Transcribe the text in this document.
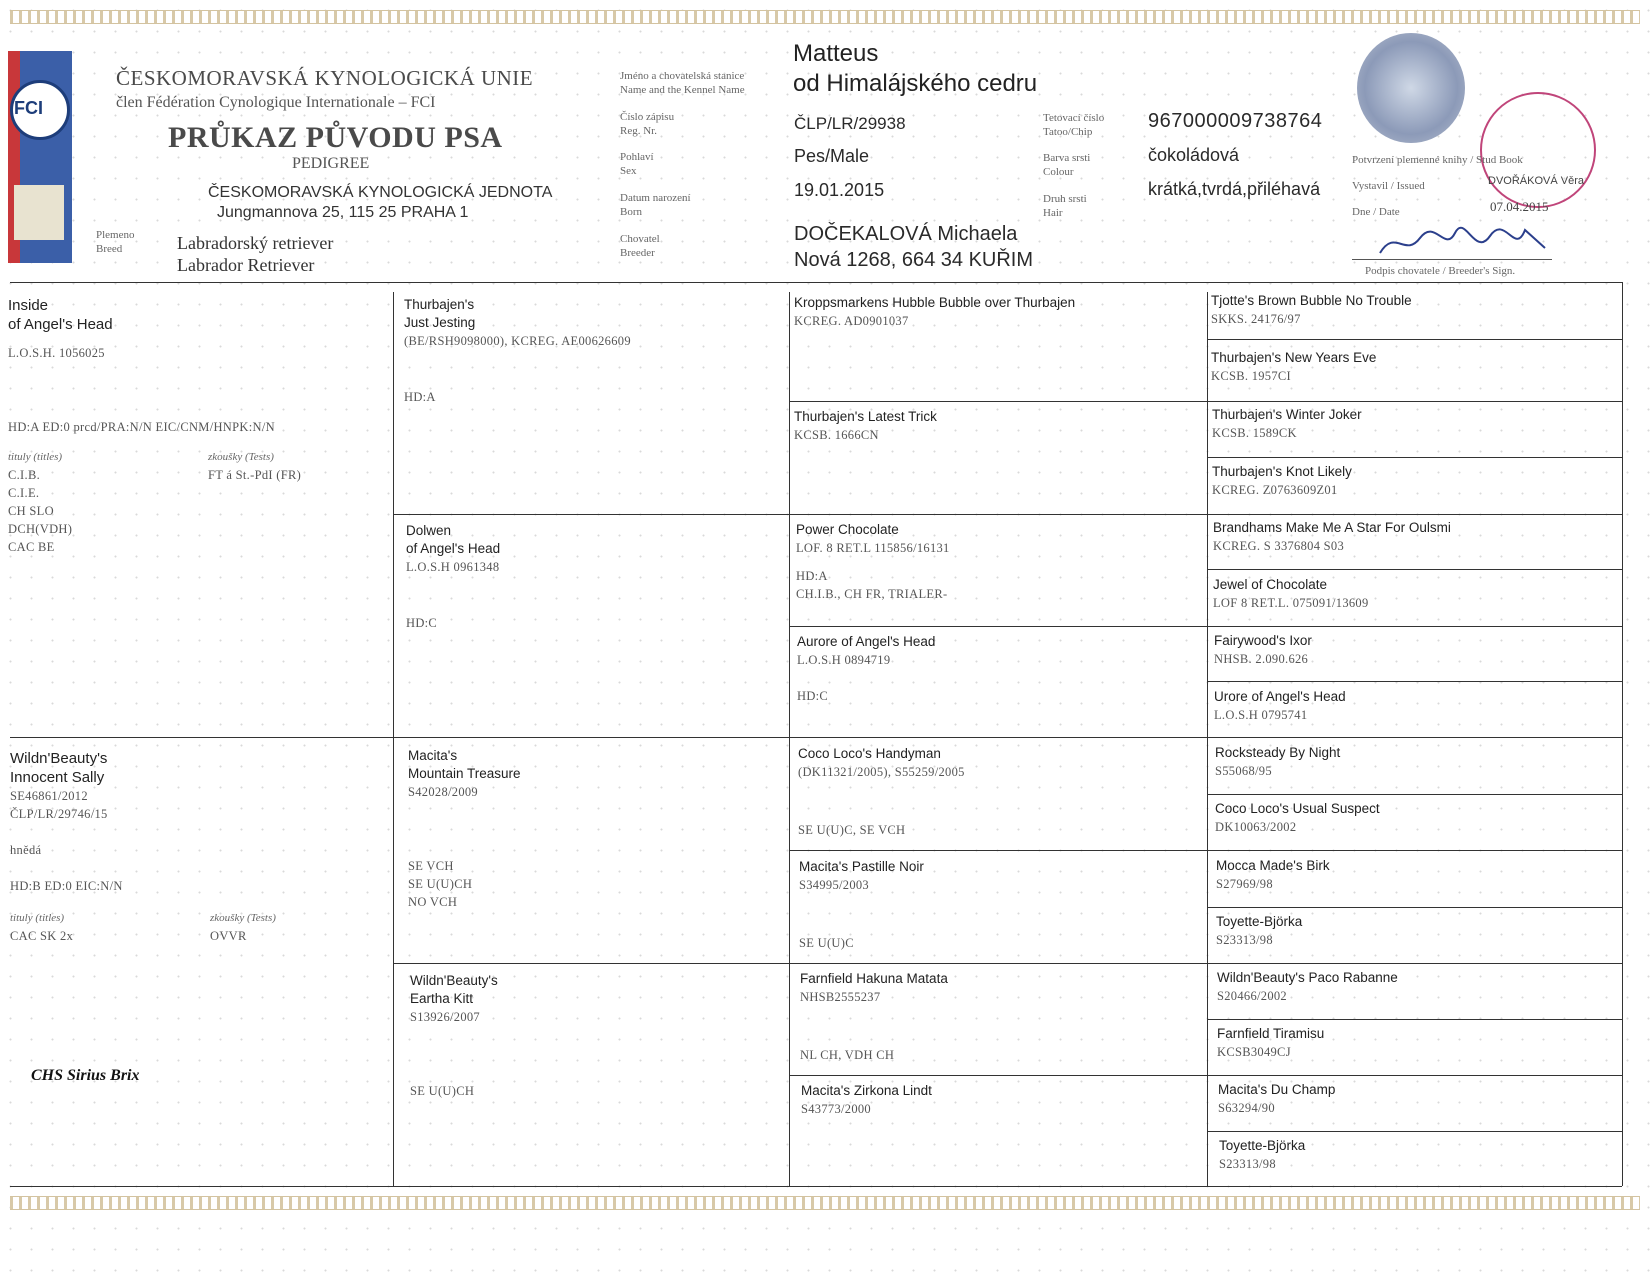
FCI
ČESKOMORAVSKÁ KYNOLOGICKÁ UNIE
člen Fédération Cynologique Internationale – FCI
PRŮKAZ PŮVODU PSA
PEDIGREE
ČESKOMORAVSKÁ KYNOLOGICKÁ JEDNOTA
Jungmannova 25, 115 25 PRAHA 1
Plemeno
Breed	Labradorský retriever
Labrador Retriever
Jméno a chovatelská stanice
Name and the Kennel Name
Číslo zápisu
Reg. Nr.
Pohlaví
Sex
Datum narození
Born
Chovatel
Breeder
Matteus
od Himalájského cedru
ČLP/LR/29938
Pes/Male
19.01.2015
DOČEKALOVÁ Michaela
Nová 1268, 664 34 KUŘIM
Tetovací číslo
Tatoo/Chip
Barva srsti
Colour
Druh srsti
Hair
967000009738764
čokoládová
krátká,tvrdá,přiléhavá
Potvrzení plemenné knihy / Stud Book
Vystavil / Issued	DVOŘÁKOVÁ Věra
Dne / Date	07.04.2015
Podpis chovatele / Breeder's Sign.
Inside
of Angel's Head
L.O.S.H. 1056025
HD:A ED:0 prcd/PRA:N/N EIC/CNM/HNPK:N/N
tituly (titles)	zkoušky (Tests)
C.I.B.
C.I.E.
CH SLO
DCH(VDH)
CAC BE
FT á St.-PdI (FR)
Wildn'Beauty's
Innocent Sally
SE46861/2012
ČLP/LR/29746/15
hnědá
HD:B ED:0 EIC:N/N
tituly (titles)	zkoušky (Tests)
CAC SK 2x	OVVR
CHS Sirius Brix
Thurbajen's
Just Jesting
(BE/RSH9098000), KCREG. AE00626609
HD:A
Dolwen
of Angel's Head
L.O.S.H 0961348
HD:C
Macita's
Mountain Treasure
S42028/2009
SE VCH
SE U(U)CH
NO VCH
Wildn'Beauty's
Eartha Kitt
S13926/2007
SE U(U)CH
Kroppsmarkens Hubble Bubble over Thurbajen
KCREG. AD0901037
Thurbajen's Latest Trick
KCSB. 1666CN
Power Chocolate
LOF. 8 RET.L 115856/16131
HD:A
CH.I.B., CH FR, TRIALER-
Aurore of Angel's Head
L.O.S.H 0894719
HD:C
Coco Loco's Handyman
(DK11321/2005), S55259/2005
SE U(U)C, SE VCH
Macita's Pastille Noir
S34995/2003
SE U(U)C
Farnfield Hakuna Matata
NHSB2555237
NL CH, VDH CH
Macita's Zirkona Lindt
S43773/2000
Tjotte's Brown Bubble No Trouble
SKKS. 24176/97
Thurbajen's New Years Eve
KCSB. 1957CI
Thurbajen's Winter Joker
KCSB. 1589CK
Thurbajen's Knot Likely
KCREG. Z0763609Z01
Brandhams Make Me A Star For Oulsmi
KCREG. S 3376804 S03
Jewel of Chocolate
LOF 8 RET.L. 075091/13609
Fairywood's Ixor
NHSB. 2.090.626
Urore of Angel's Head
L.O.S.H 0795741
Rocksteady By Night
S55068/95
Coco Loco's Usual Suspect
DK10063/2002
Mocca Made's Birk
S27969/98
Toyette-Björka
S23313/98
Wildn'Beauty's Paco Rabanne
S20466/2002
Farnfield Tiramisu
KCSB3049CJ
Macita's Du Champ
S63294/90
Toyette-Björka
S23313/98
